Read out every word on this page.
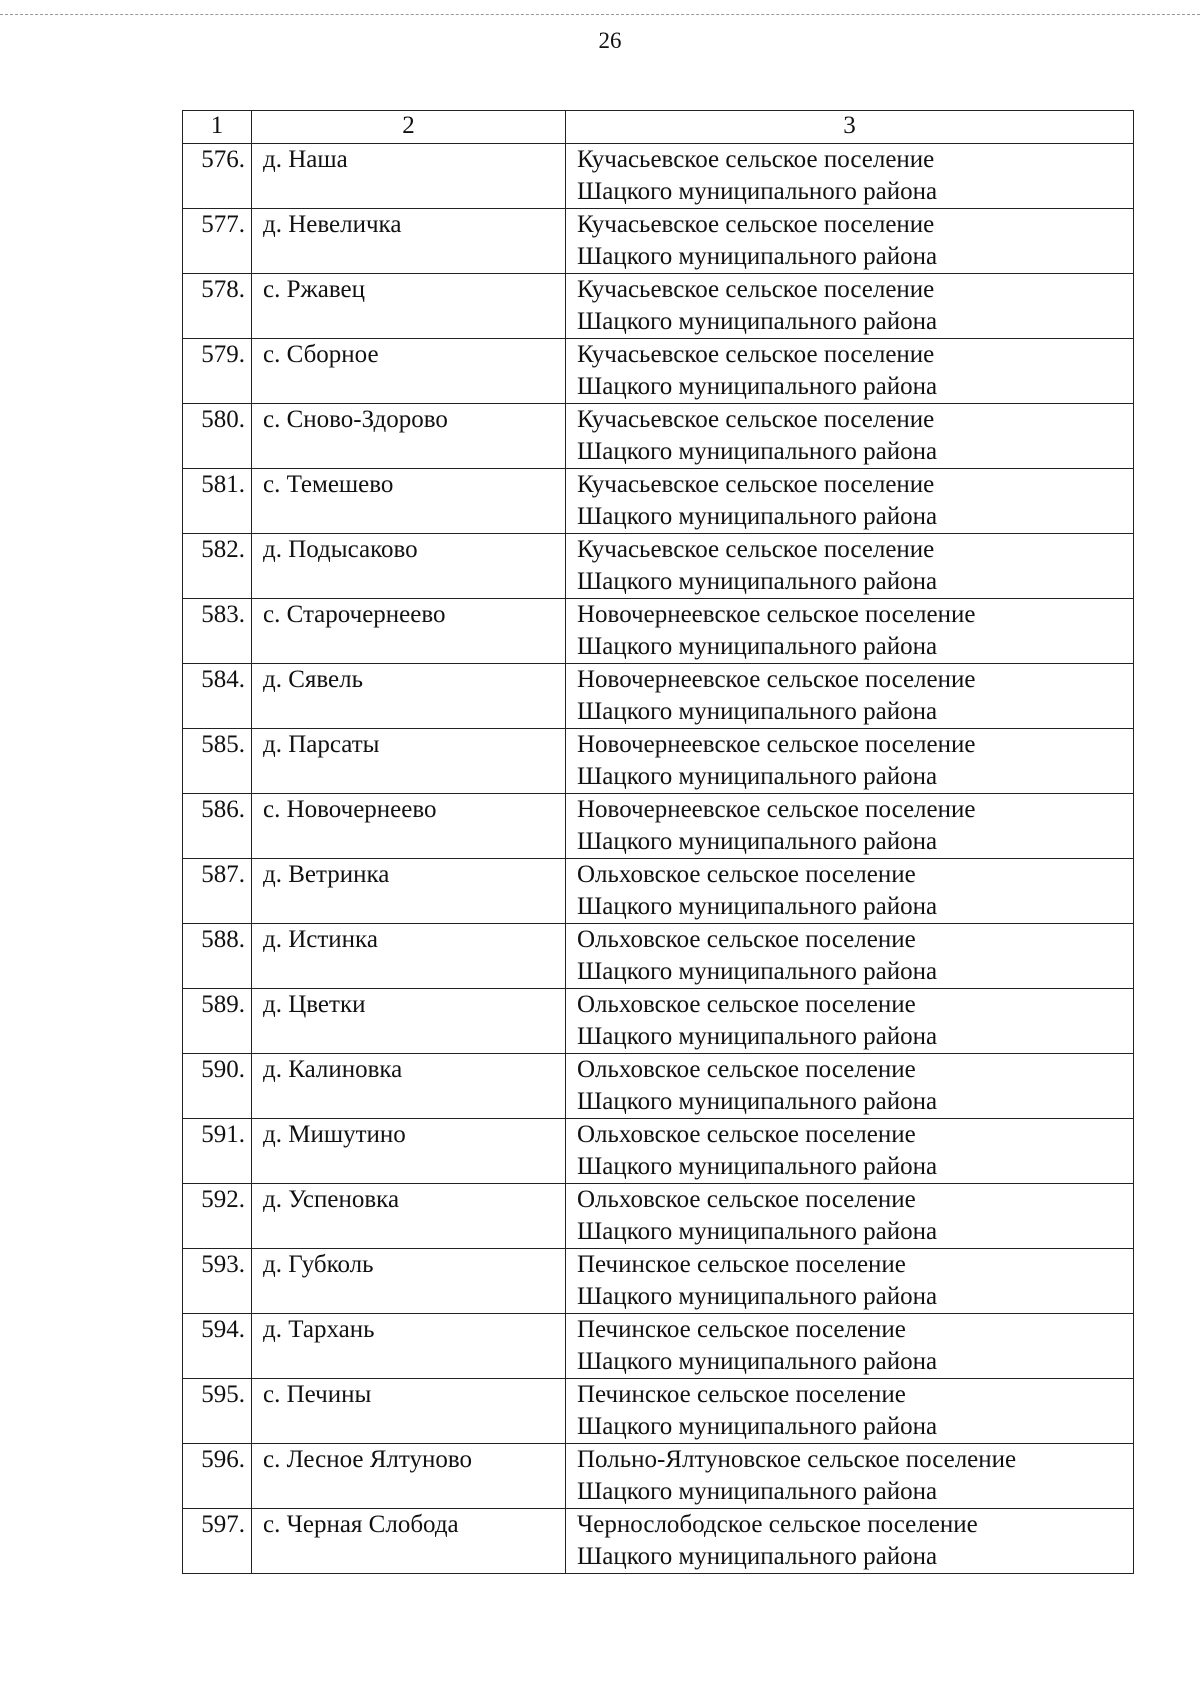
26
1	2	3
576.	д. Наша	Кучасьевское сельское поселение
Шацкого муниципального района

577.	д. Невеличка	Кучасьевское сельское поселение
Шацкого муниципального района

578.	с. Ржавец	Кучасьевское сельское поселение
Шацкого муниципального района

579.	с. Сборное	Кучасьевское сельское поселение
Шацкого муниципального района

580.	с. Сново-Здорово	Кучасьевское сельское поселение
Шацкого муниципального района

581.	с. Темешево	Кучасьевское сельское поселение
Шацкого муниципального района

582.	д. Подысаково	Кучасьевское сельское поселение
Шацкого муниципального района

583.	с. Старочернеево	Новочернеевское сельское поселение
Шацкого муниципального района

584.	д. Сявель	Новочернеевское сельское поселение
Шацкого муниципального района

585.	д. Парсаты	Новочернеевское сельское поселение
Шацкого муниципального района

586.	с. Новочернеево	Новочернеевское сельское поселение
Шацкого муниципального района

587.	д. Ветринка	Ольховское сельское поселение
Шацкого муниципального района

588.	д. Истинка	Ольховское сельское поселение
Шацкого муниципального района

589.	д. Цветки	Ольховское сельское поселение
Шацкого муниципального района

590.	д. Калиновка	Ольховское сельское поселение
Шацкого муниципального района

591.	д. Мишутино	Ольховское сельское поселение
Шацкого муниципального района

592.	д. Успеновка	Ольховское сельское поселение
Шацкого муниципального района

593.	д. Губколь	Печинское сельское поселение
Шацкого муниципального района

594.	д. Тархань	Печинское сельское поселение
Шацкого муниципального района

595.	с. Печины	Печинское сельское поселение
Шацкого муниципального района

596.	с. Лесное Ялтуново	Польно-Ялтуновское сельское поселение
Шацкого муниципального района

597.	с. Черная Слобода	Чернослободское сельское поселение
Шацкого муниципального района
